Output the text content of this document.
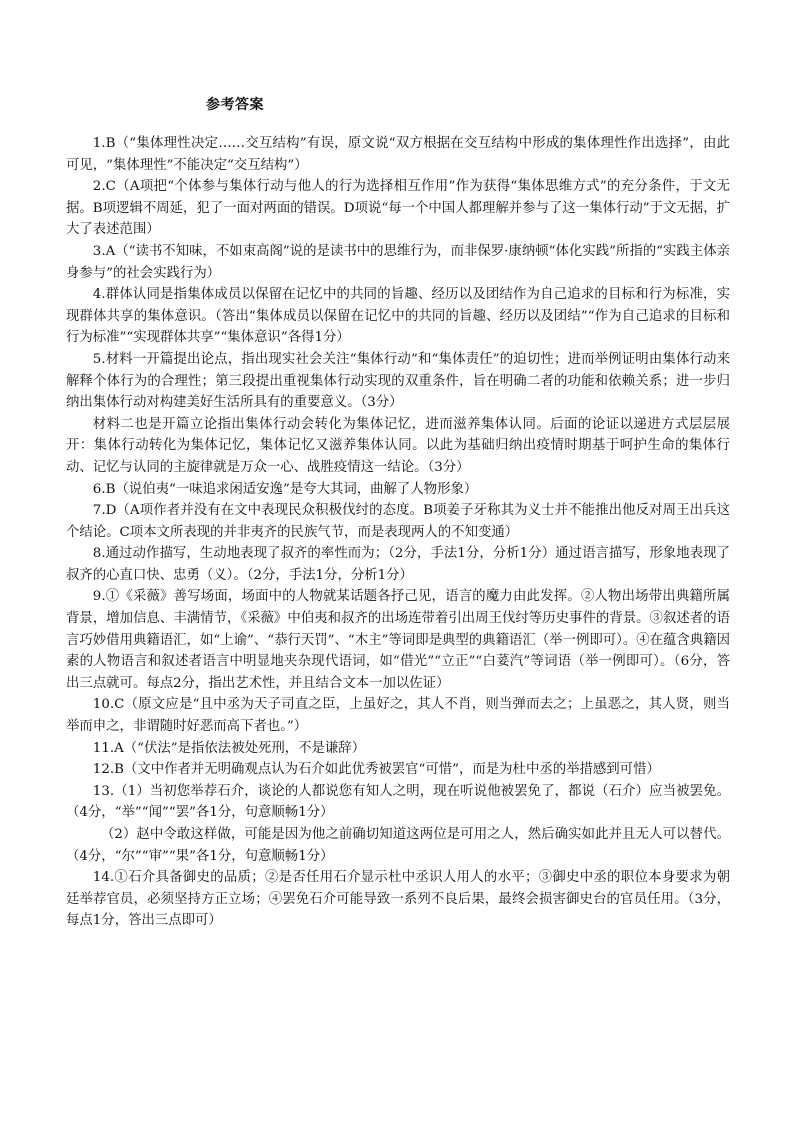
参考答案

1.B（“集体理性决定……交互结构”有误，原文说“双方根据在交互结构中形成的集体理性作出选择”，由此可见，“集体理性”不能决定“交互结构”）

2.C（A项把“个体参与集体行动与他人的行为选择相互作用”作为获得“集体思维方式”的充分条件，于文无据。B项逻辑不周延，犯了一面对两面的错误。D项说“每一个中国人都理解并参与了这一集体行动”于文无据，扩大了表述范围）

3.A（“读书不知味，不如束高阁”说的是读书中的思维行为，而非保罗·康纳顿“体化实践”所指的“实践主体亲身参与”的社会实践行为）

4.群体认同是指集体成员以保留在记忆中的共同的旨趣、经历以及团结作为自己追求的目标和行为标准，实现群体共享的集体意识。（答出“集体成员以保留在记忆中的共同的旨趣、经历以及团结”“作为自己追求的目标和行为标准”“实现群体共享”“集体意识”各得1分）

5.材料一开篇提出论点，指出现实社会关注“集体行动”和“集体责任”的迫切性；进而举例证明由集体行动来解释个体行为的合理性；第三段提出重视集体行动实现的双重条件，旨在明确二者的功能和依赖关系；进一步归纳出集体行动对构建美好生活所具有的重要意义。（3分）

材料二也是开篇立论指出集体行动会转化为集体记忆，进而滋养集体认同。后面的论证以递进方式层层展开：集体行动转化为集体记忆，集体记忆又滋养集体认同。以此为基础归纳出疫情时期基于呵护生命的集体行动、记忆与认同的主旋律就是万众一心、战胜疫情这一结论。（3分）

6.B（说伯夷“一味追求闲适安逸”是夸大其词，曲解了人物形象）

7.D（A项作者并没有在文中表现民众积极伐纣的态度。B项姜子牙称其为义士并不能推出他反对周王出兵这个结论。C项本文所表现的并非夷齐的民族气节，而是表现两人的不知变通）

8.通过动作描写，生动地表现了叔齐的率性而为；（2分，手法1分，分析1分）通过语言描写，形象地表现了叔齐的心直口快、忠勇（义）。（2分，手法1分，分析1分）

9.①《采薇》善写场面，场面中的人物就某话题各抒己见，语言的魔力由此发挥。②人物出场带出典籍所属背景，增加信息、丰满情节，《采薇》中伯夷和叔齐的出场连带着引出周王伐纣等历史事件的背景。③叙述者的语言巧妙借用典籍语汇，如“上谕”、“恭行天罚”、“木主”等词即是典型的典籍语汇（举一例即可）。④在蕴含典籍因素的人物语言和叙述者语言中明显地夹杂现代语词，如“借光”“立正”“白荽汽”等词语（举一例即可）。（6分，答出三点就可。每点2分，指出艺术性，并且结合文本一加以佐证）

10.C（原文应是“且中丞为天子司直之臣，上虽好之，其人不肖，则当弹而去之；上虽恶之，其人贤，则当举而申之，非谓随时好恶而高下者也。”）

11.A（“伏法”是指依法被处死刑，不是谦辞）

12.B（文中作者并无明确观点认为石介如此优秀被罢官“可惜”，而是为杜中丞的举措感到可惜）

13.（1）当初您举荐石介，谈论的人都说您有知人之明，现在听说他被罢免了，都说（石介）应当被罢免。（4分，“举”“闻”“罢”各1分，句意顺畅1分）

（2）赵中令敢这样做，可能是因为他之前确切知道这两位是可用之人，然后确实如此并且无人可以替代。（4分，“尔”“审”“果”各1分，句意顺畅1分）

14.①石介具备御史的品质；②是否任用石介显示杜中丞识人用人的水平；③御史中丞的职位本身要求为朝廷举荐官员，必须坚持方正立场；④罢免石介可能导致一系列不良后果，最终会损害御史台的官员任用。（3分，每点1分，答出三点即可）
